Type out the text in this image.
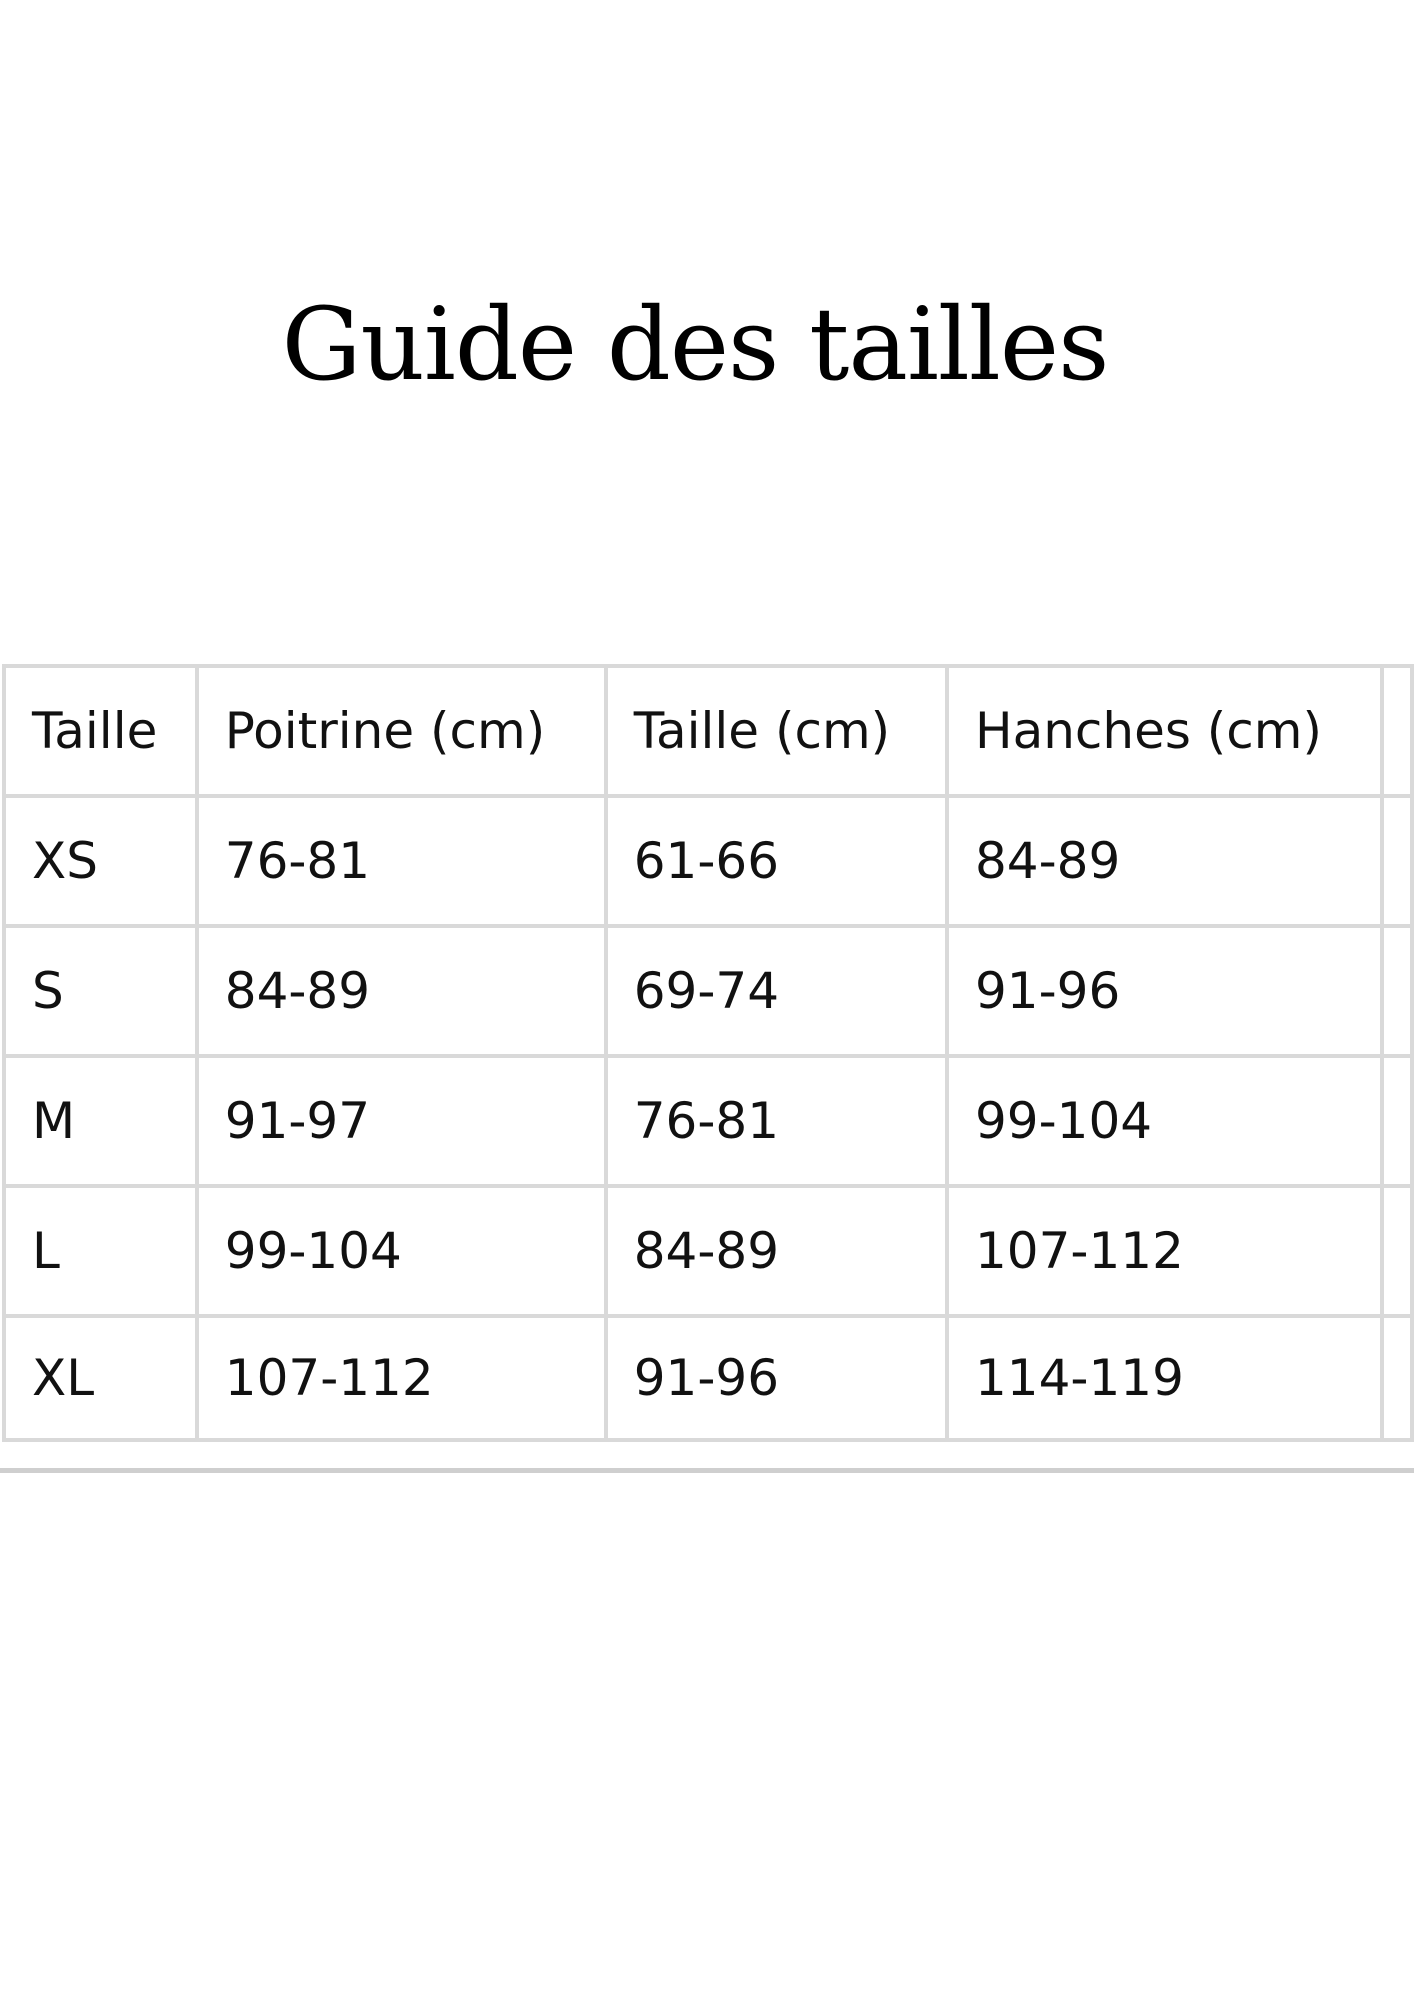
Guide des tailles
Taille	Poitrine (cm)	Taille (cm)	Hanches (cm)	
XS	76-81	61-66	84-89	
S	84-89	69-74	91-96	
M	91-97	76-81	99-104	
L	99-104	84-89	107-112	
XL	107-112	91-96	114-119	
